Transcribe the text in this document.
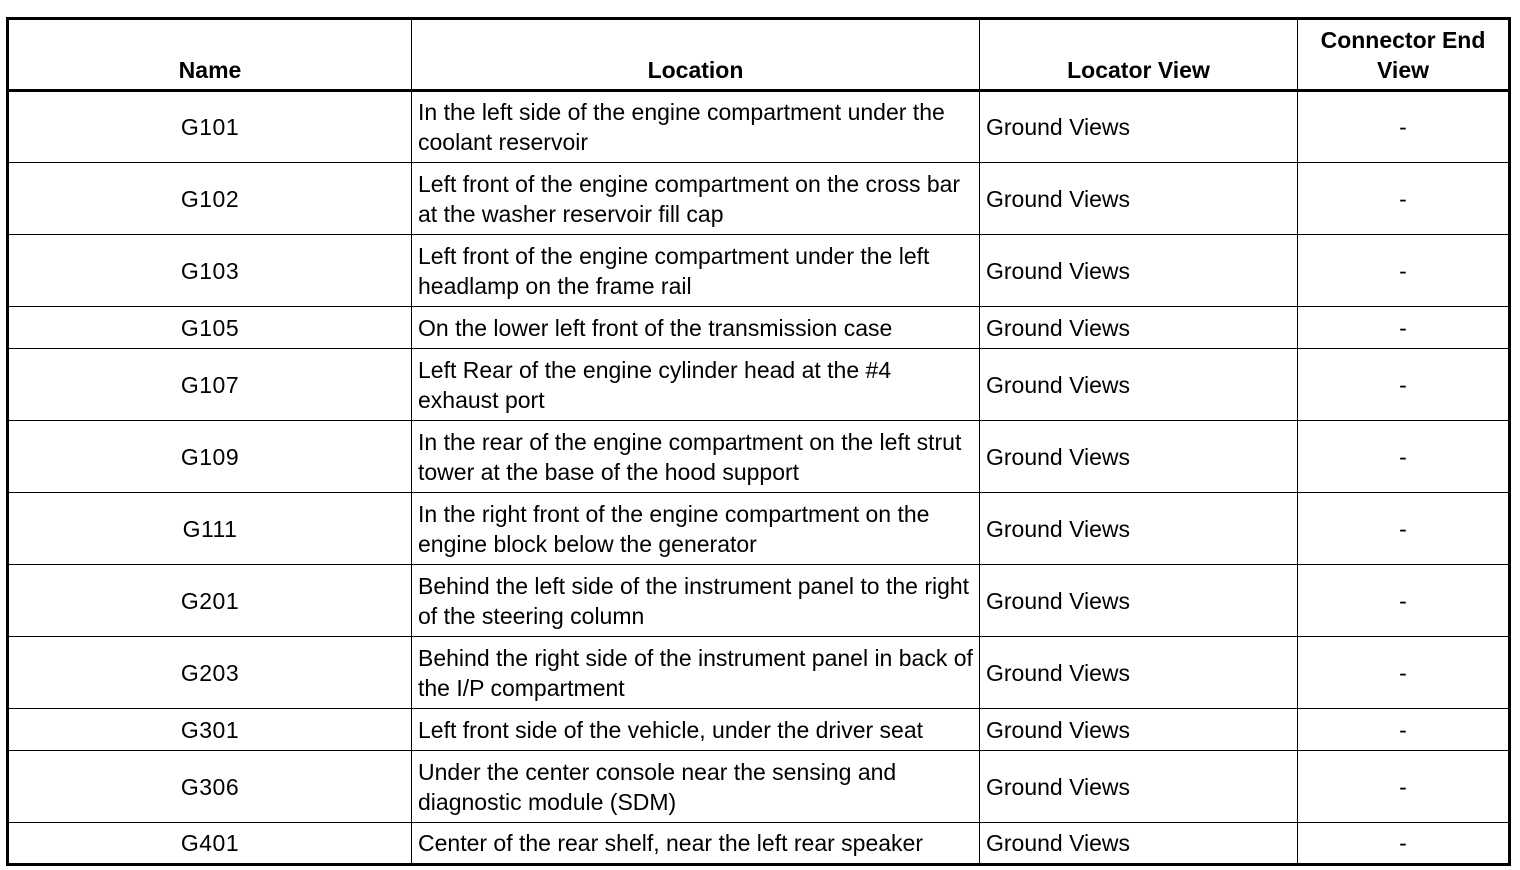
Name	Location	Locator View	Connector End View
G101	In the left side of the engine compartment under the coolant reservoir	Ground Views	-
G102	Left front of the engine compartment on the cross bar at the washer reservoir fill cap	Ground Views	-
G103	Left front of the engine compartment under the left headlamp on the frame rail	Ground Views	-
G105	On the lower left front of the transmission case	Ground Views	-
G107	Left Rear of the engine cylinder head at the #4 exhaust port	Ground Views	-
G109	In the rear of the engine compartment on the left strut tower at the base of the hood support	Ground Views	-
G111	In the right front of the engine compartment on the engine block below the generator	Ground Views	-
G201	Behind the left side of the instrument panel to the right of the steering column	Ground Views	-
G203	Behind the right side of the instrument panel in back of the I/P compartment	Ground Views	-
G301	Left front side of the vehicle, under the driver seat	Ground Views	-
G306	Under the center console near the sensing and diagnostic module (SDM)	Ground Views	-
G401	Center of the rear shelf, near the left rear speaker	Ground Views	-
